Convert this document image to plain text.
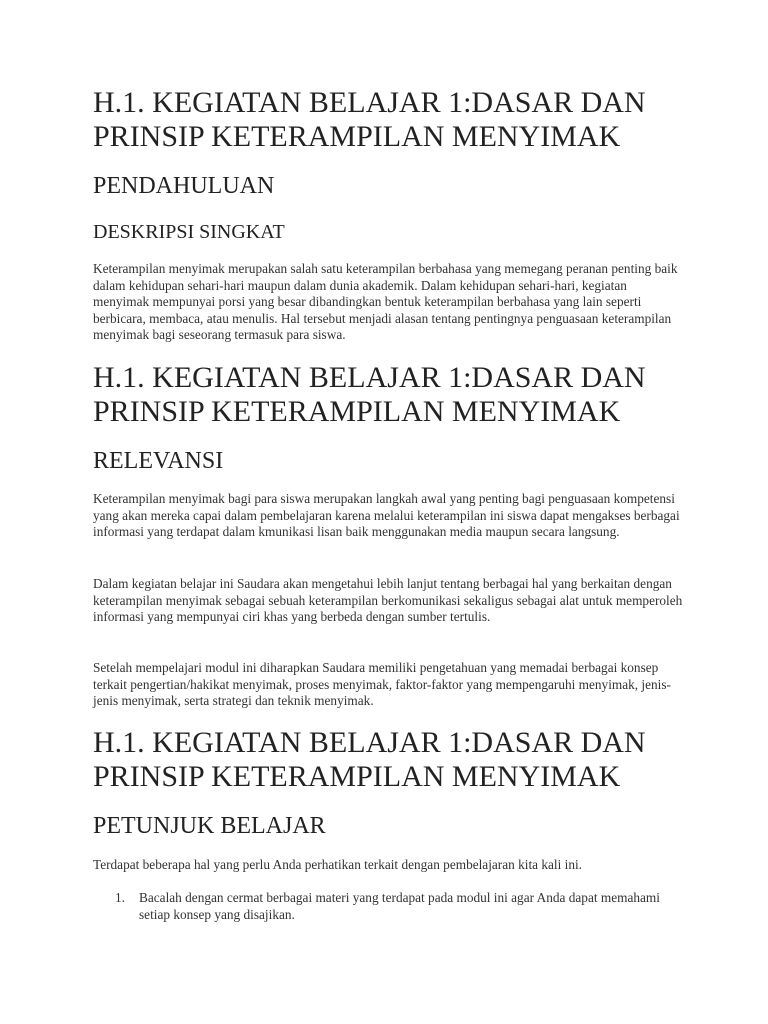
H.1. KEGIATAN BELAJAR 1:DASAR DAN
PRINSIP KETERAMPILAN MENYIMAK
PENDAHULUAN
DESKRIPSI SINGKAT

Keterampilan menyimak merupakan salah satu keterampilan berbahasa yang memegang peranan penting baik dalam kehidupan sehari-hari maupun dalam dunia akademik. Dalam kehidupan sehari-hari, kegiatan menyimak mempunyai porsi yang besar dibandingkan bentuk keterampilan berbahasa yang lain seperti berbicara, membaca, atau menulis. Hal tersebut menjadi alasan tentang pentingnya penguasaan keterampilan menyimak bagi seseorang termasuk para siswa.

H.1. KEGIATAN BELAJAR 1:DASAR DAN
PRINSIP KETERAMPILAN MENYIMAK
RELEVANSI

Keterampilan menyimak bagi para siswa merupakan langkah awal yang penting bagi penguasaan kompetensi yang akan mereka capai dalam pembelajaran karena melalui keterampilan ini siswa dapat mengakses berbagai informasi yang terdapat dalam kmunikasi lisan baik menggunakan media maupun secara langsung.

Dalam kegiatan belajar ini Saudara akan mengetahui lebih lanjut tentang berbagai hal yang berkaitan dengan keterampilan menyimak sebagai sebuah keterampilan berkomunikasi sekaligus sebagai alat untuk memperoleh informasi yang mempunyai ciri khas yang berbeda dengan sumber tertulis.

Setelah mempelajari modul ini diharapkan Saudara memiliki pengetahuan yang memadai berbagai konsep terkait pengertian/hakikat menyimak, proses menyimak, faktor-faktor yang mempengaruhi menyimak, jenis-jenis menyimak, serta strategi dan teknik menyimak.

H.1. KEGIATAN BELAJAR 1:DASAR DAN
PRINSIP KETERAMPILAN MENYIMAK
PETUNJUK BELAJAR

Terdapat beberapa hal yang perlu Anda perhatikan terkait dengan pembelajaran kita kali ini.

1. Bacalah dengan cermat berbagai materi yang terdapat pada modul ini agar Anda dapat memahami setiap konsep yang disajikan.
